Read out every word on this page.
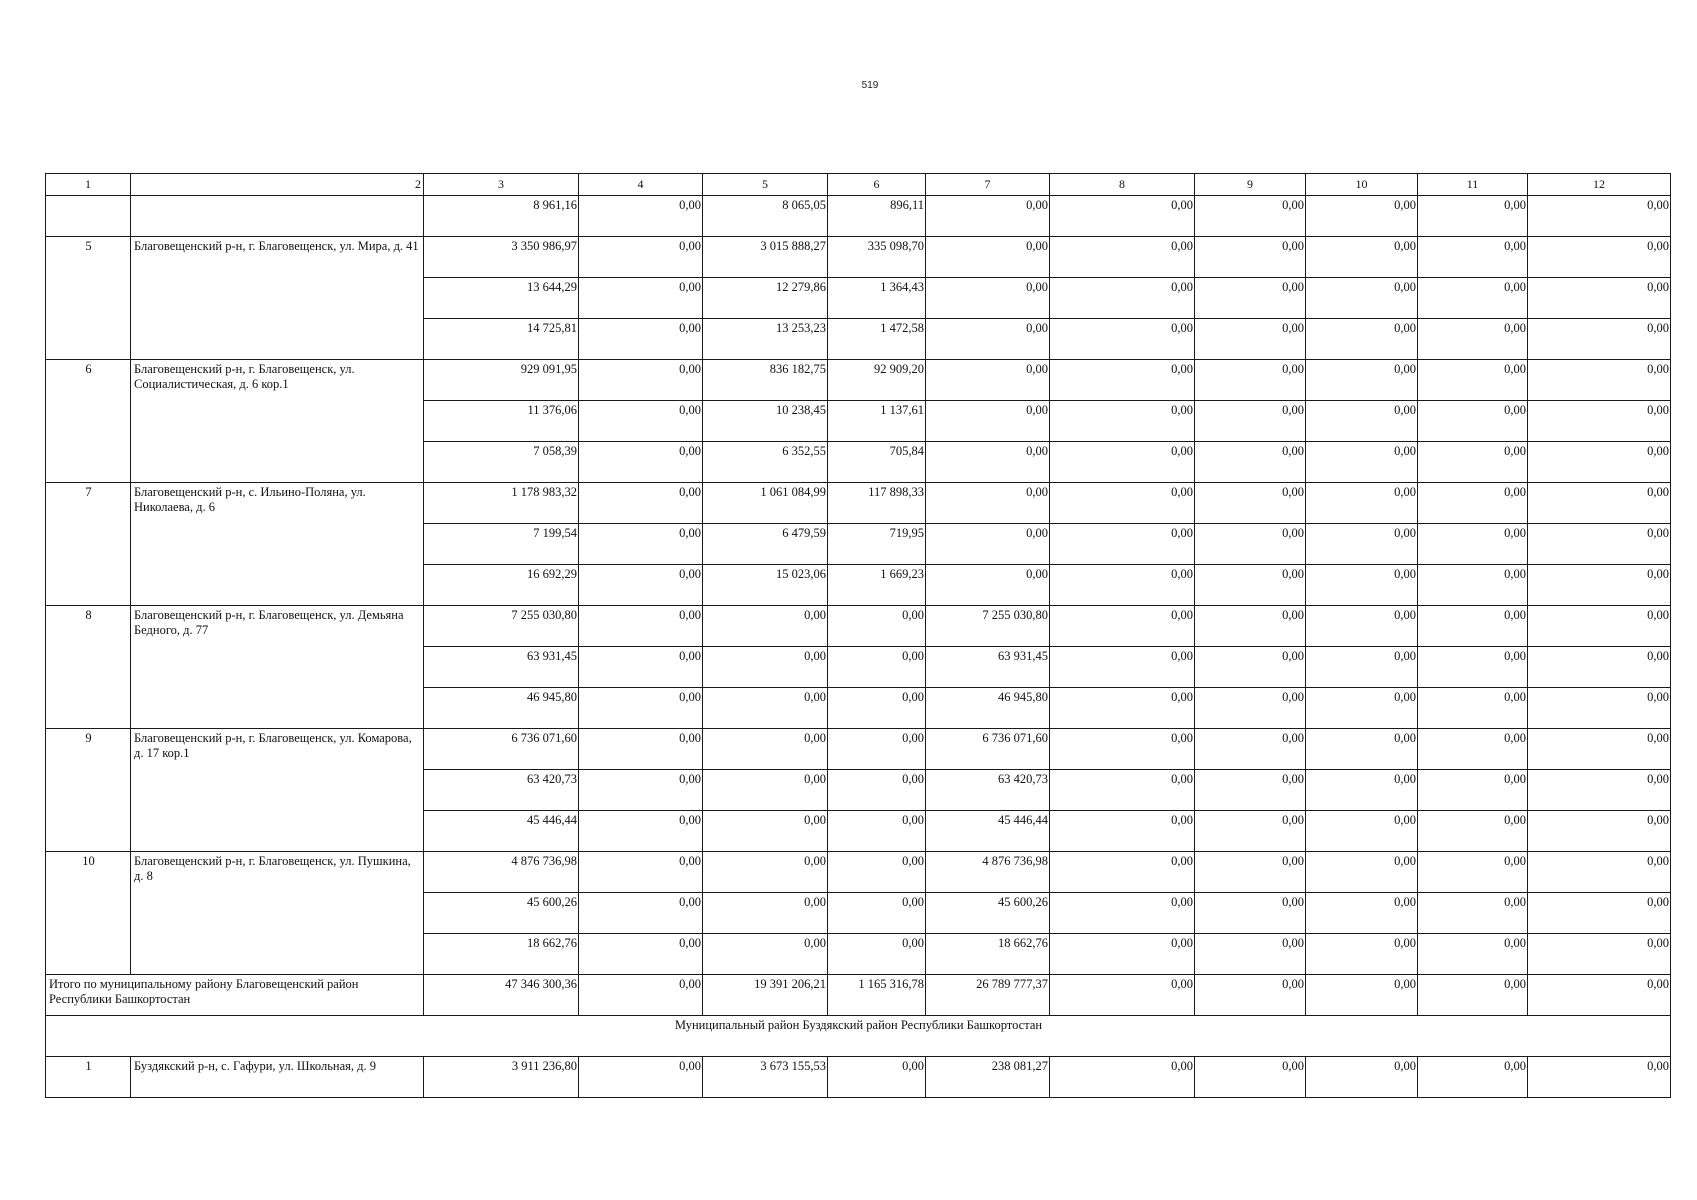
519
1	2	3	4	5	6	7	8	9	10	11	12
		8 961,16	0,00	8 065,05	896,11	0,00	0,00	0,00	0,00	0,00	0,00
5	Благовещенский р-н, г. Благовещенск, ул. Мира, д. 41	3 350 986,97	0,00	3 015 888,27	335 098,70	0,00	0,00	0,00	0,00	0,00	0,00
		13 644,29	0,00	12 279,86	1 364,43	0,00	0,00	0,00	0,00	0,00	0,00
		14 725,81	0,00	13 253,23	1 472,58	0,00	0,00	0,00	0,00	0,00	0,00
6	Благовещенский р-н, г. Благовещенск, ул. Социалистическая, д. 6 кор.1	929 091,95	0,00	836 182,75	92 909,20	0,00	0,00	0,00	0,00	0,00	0,00
		11 376,06	0,00	10 238,45	1 137,61	0,00	0,00	0,00	0,00	0,00	0,00
		7 058,39	0,00	6 352,55	705,84	0,00	0,00	0,00	0,00	0,00	0,00
7	Благовещенский р-н, с. Ильино-Поляна, ул. Николаева, д. 6	1 178 983,32	0,00	1 061 084,99	117 898,33	0,00	0,00	0,00	0,00	0,00	0,00
		7 199,54	0,00	6 479,59	719,95	0,00	0,00	0,00	0,00	0,00	0,00
		16 692,29	0,00	15 023,06	1 669,23	0,00	0,00	0,00	0,00	0,00	0,00
8	Благовещенский р-н, г. Благовещенск, ул. Демьяна Бедного, д. 77	7 255 030,80	0,00	0,00	0,00	7 255 030,80	0,00	0,00	0,00	0,00	0,00
		63 931,45	0,00	0,00	0,00	63 931,45	0,00	0,00	0,00	0,00	0,00
		46 945,80	0,00	0,00	0,00	46 945,80	0,00	0,00	0,00	0,00	0,00
9	Благовещенский р-н, г. Благовещенск, ул. Комарова, д. 17 кор.1	6 736 071,60	0,00	0,00	0,00	6 736 071,60	0,00	0,00	0,00	0,00	0,00
		63 420,73	0,00	0,00	0,00	63 420,73	0,00	0,00	0,00	0,00	0,00
		45 446,44	0,00	0,00	0,00	45 446,44	0,00	0,00	0,00	0,00	0,00
10	Благовещенский р-н, г. Благовещенск, ул. Пушкина, д. 8	4 876 736,98	0,00	0,00	0,00	4 876 736,98	0,00	0,00	0,00	0,00	0,00
		45 600,26	0,00	0,00	0,00	45 600,26	0,00	0,00	0,00	0,00	0,00
		18 662,76	0,00	0,00	0,00	18 662,76	0,00	0,00	0,00	0,00	0,00
Итого по муниципальному району Благовещенский район Республики Башкортостан		47 346 300,36	0,00	19 391 206,21	1 165 316,78	26 789 777,37	0,00	0,00	0,00	0,00	0,00
Муниципальный район Буздякский район Республики Башкортостан											
1	Буздякский р-н, с. Гафури, ул. Школьная, д. 9	3 911 236,80	0,00	3 673 155,53	0,00	238 081,27	0,00	0,00	0,00	0,00	0,00
